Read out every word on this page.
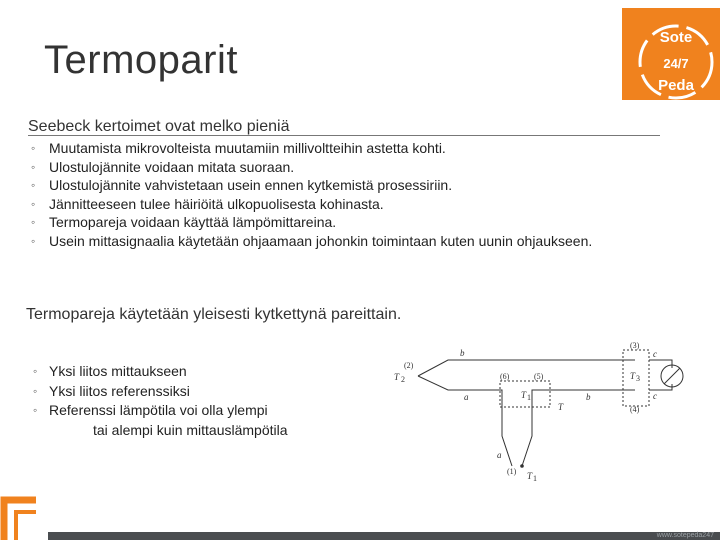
Termoparit
Sote
24/7
Peda
Seebeck kertoimet ovat melko pieniä
◦ Muutamista mikrovolteista muutamiin millivoltteihin astetta kohti.
◦ Ulostulojännite voidaan mitata suoraan.
◦ Ulostulojännite vahvistetaan usein ennen kytkemistä prosessiriin.
◦ Jännitteeseen tulee häiriöitä ulkopuolisesta kohinasta.
◦ Termopareja voidaan käyttää lämpömittareina.
◦ Usein mittasignaalia käytetään ohjaamaan johonkin toimintaan kuten uunin ohjaukseen.
Termopareja käytetään yleisesti kytkettynä pareittain.
◦ Yksi liitos mittaukseen
◦ Yksi liitos referenssiksi
◦ Referenssi lämpötila voi olla ylempi
tai alempi kuin mittauslämpötila
(2)
T 2
b
a
(6)	(5)
T 1	b
T
a
(1) T 1
(3)
T 3
(4)
c
c
www.sotepeda247
